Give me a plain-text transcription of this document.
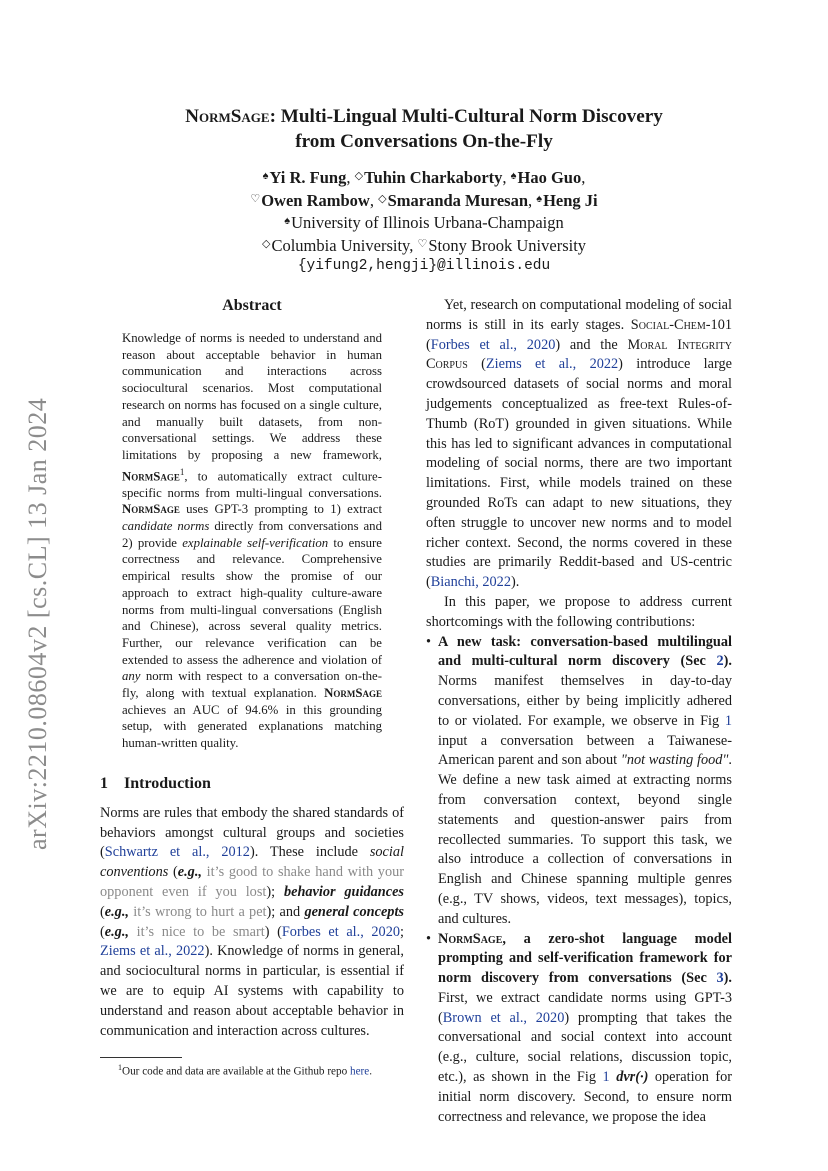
arXiv:2210.08604v2 [cs.CL] 13 Jan 2024
NormSage: Multi-Lingual Multi-Cultural Norm Discovery
from Conversations On-the-Fly
♠Yi R. Fung, ◇Tuhin Charkaborty, ♠Hao Guo,
♡Owen Rambow, ◇Smaranda Muresan, ♠Heng Ji
♠University of Illinois Urbana-Champaign
◇Columbia University, ♡Stony Brook University
{yifung2,hengji}@illinois.edu
Abstract

Knowledge of norms is needed to understand and reason about acceptable behavior in human communication and interactions across sociocultural scenarios. Most computational research on norms has focused on a single culture, and manually built datasets, from non-conversational settings. We address these limitations by proposing a new framework, NormSage$^1$, to automatically extract culture-specific norms from multi-lingual conversations. NormSage uses GPT-3 prompting to 1) extract candidate norms directly from conversations and 2) provide explainable self-verification to ensure correctness and relevance. Comprehensive empirical results show the promise of our approach to extract high-quality culture-aware norms from multi-lingual conversations (English and Chinese), across several quality metrics. Further, our relevance verification can be extended to assess the adherence and violation of any norm with respect to a conversation on-the-fly, along with textual explanation. NormSage achieves an AUC of 94.6% in this grounding setup, with generated explanations matching human-written quality.

1 Introduction

Norms are rules that embody the shared standards of behaviors amongst cultural groups and societies (Schwartz et al., 2012). These include social conventions (e.g., it’s good to shake hand with your opponent even if you lost); behavior guidances (e.g., it’s wrong to hurt a pet); and general concepts (e.g., it’s nice to be smart) (Forbes et al., 2020; Ziems et al., 2022). Knowledge of norms in general, and sociocultural norms in particular, is essential if we are to equip AI systems with capability to understand and reason about acceptable behavior in communication and interaction across cultures.

$^1$Our code and data are available at the Github repo here.

Yet, research on computational modeling of social norms is still in its early stages. Social-Chem-101 (Forbes et al., 2020) and the Moral Integrity Corpus (Ziems et al., 2022) introduce large crowdsourced datasets of social norms and moral judgements conceptualized as free-text Rules-of-Thumb (RoT) grounded in given situations. While this has led to significant advances in computational modeling of social norms, there are two important limitations. First, while models trained on these grounded RoTs can adapt to new situations, they often struggle to uncover new norms and to model richer context. Second, the norms covered in these studies are primarily Reddit-based and US-centric (Bianchi, 2022).

In this paper, we propose to address current shortcomings with the following contributions:

• A new task: conversation-based multilingual and multi-cultural norm discovery (Sec 2). Norms manifest themselves in day-to-day conversations, either by being implicitly adhered to or violated. For example, we observe in Fig 1 input a conversation between a Taiwanese-American parent and son about "not wasting food". We define a new task aimed at extracting norms from conversation context, beyond single statements and question-answer pairs from recollected summaries. To support this task, we also introduce a collection of conversations in English and Chinese spanning multiple genres (e.g., TV shows, videos, text messages), topics, and cultures.
• NormSage, a zero-shot language model prompting and self-verification framework for norm discovery from conversations (Sec 3). First, we extract candidate norms using GPT-3 (Brown et al., 2020) prompting that takes the conversational and social context into account (e.g., culture, social relations, discussion topic, etc.), as shown in the Fig 1 dvr(·) operation for initial norm discovery. Second, to ensure norm correctness and relevance, we propose the idea
